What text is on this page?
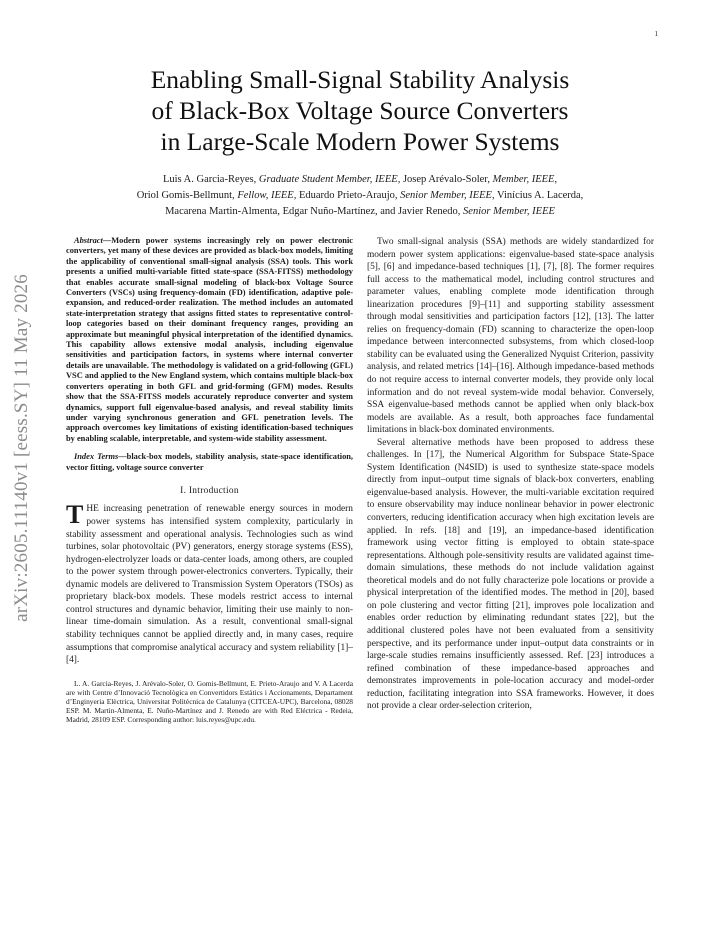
1
arXiv:2605.11140v1 [eess.SY] 11 May 2026
Enabling Small-Signal Stability Analysis
of Black-Box Voltage Source Converters
in Large-Scale Modern Power Systems
Luis A. Garcia-Reyes, Graduate Student Member, IEEE, Josep Arévalo-Soler, Member, IEEE,
Oriol Gomis-Bellmunt, Fellow, IEEE, Eduardo Prieto-Araujo, Senior Member, IEEE, Vinícius A. Lacerda,
Macarena Martin-Almenta, Edgar Nuño-Martínez, and Javier Renedo, Senior Member, IEEE

Abstract—Modern power systems increasingly rely on power electronic converters, yet many of these devices are provided as black-box models, limiting the applicability of conventional small-signal analysis (SSA) tools. This work presents a unified multi-variable fitted state-space (SSA-FITSS) methodology that enables accurate small-signal modeling of black-box Voltage Source Converters (VSCs) using frequency-domain (FD) identification, adaptive pole-expansion, and reduced-order realization. The method includes an automated state-interpretation strategy that assigns fitted states to representative control-loop categories based on their dominant frequency ranges, providing an approximate but meaningful physical interpretation of the identified dynamics. This capability allows extensive modal analysis, including eigenvalue sensitivities and participation factors, in systems where internal converter details are unavailable. The methodology is validated on a grid-following (GFL) VSC and applied to the New England system, which contains multiple black-box converters operating in both GFL and grid-forming (GFM) modes. Results show that the SSA-FITSS models accurately reproduce converter and system dynamics, support full eigenvalue-based analysis, and reveal stability limits under varying synchronous generation and GFL penetration levels. The approach overcomes key limitations of existing identification-based techniques by enabling scalable, interpretable, and system-wide stability assessment.

Index Terms—black-box models, stability analysis, state-space identification, vector fitting, voltage source converter

I. Introduction

THE increasing penetration of renewable energy sources in modern power systems has intensified system complexity, particularly in stability assessment and operational analysis. Technologies such as wind turbines, solar photovoltaic (PV) generators, energy storage systems (ESS), hydrogen-electrolyzer loads or data-center loads, among others, are coupled to the power system through power-electronics converters. Typically, their dynamic models are delivered to Transmission System Operators (TSOs) as proprietary black-box models. These models restrict access to internal control structures and dynamic behavior, limiting their use mainly to non-linear time-domain simulation. As a result, conventional small-signal stability techniques cannot be applied directly and, in many cases, require assumptions that compromise analytical accuracy and system reliability [1]–[4].

L. A. Garcia-Reyes, J. Arévalo-Soler, O. Gomis-Bellmunt, E. Prieto-Araujo and V. A Lacerda are with Centre d’Innovació Tecnològica en Convertidors Estàtics i Accionaments, Departament d’Enginyeria Elèctrica, Universitat Politècnica de Catalunya (CITCEA-UPC), Barcelona, 08028 ESP. M. Martin-Almenta, E. Nuño-Martínez and J. Renedo are with Red Eléctrica - Redeia, Madrid, 28109 ESP. Corresponding author: luis.reyes@upc.edu.

Two small-signal analysis (SSA) methods are widely standardized for modern power system applications: eigenvalue-based state-space analysis [5], [6] and impedance-based techniques [1], [7], [8]. The former requires full access to the mathematical model, including control structures and parameter values, enabling complete mode identification through linearization procedures [9]–[11] and supporting stability assessment through modal sensitivities and participation factors [12], [13]. The latter relies on frequency-domain (FD) scanning to characterize the open-loop impedance between interconnected subsystems, from which closed-loop stability can be evaluated using the Generalized Nyquist Criterion, passivity analysis, and related metrics [14]–[16]. Although impedance-based methods do not require access to internal converter models, they provide only local information and do not reveal system-wide modal behavior. Conversely, SSA eigenvalue-based methods cannot be applied when only black-box models are available. As a result, both approaches face fundamental limitations in black-box dominated environments.

Several alternative methods have been proposed to address these challenges. In [17], the Numerical Algorithm for Subspace State-Space System Identification (N4SID) is used to synthesize state-space models directly from input–output time signals of black-box converters, enabling eigenvalue-based analysis. However, the multi-variable excitation required to ensure observability may induce nonlinear behavior in power electronic converters, reducing identification accuracy when high excitation levels are applied. In refs. [18] and [19], an impedance-based identification framework using vector fitting is employed to obtain state-space representations. Although pole-sensitivity results are validated against time-domain simulations, these methods do not include validation against theoretical models and do not fully characterize pole locations or provide a physical interpretation of the identified modes. The method in [20], based on pole clustering and vector fitting [21], improves pole localization and enables order reduction by eliminating redundant states [22], but the additional clustered poles have not been evaluated from a sensitivity perspective, and its performance under input–output data constraints or in large-scale studies remains insufficiently assessed. Ref. [23] introduces a refined combination of these impedance-based approaches and demonstrates improvements in pole-location accuracy and model-order reduction, facilitating integration into SSA frameworks. However, it does not provide a clear order-selection criterion,
